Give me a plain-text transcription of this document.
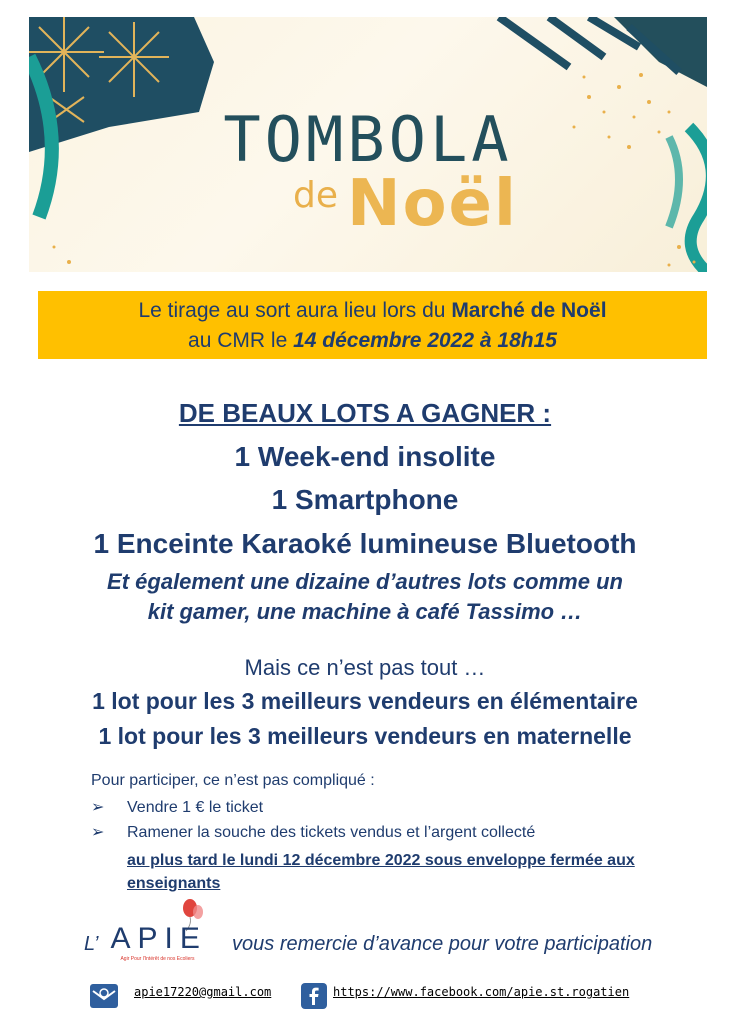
TOMBOLA
de Noël
Le tirage au sort aura lieu lors du Marché de Noël
au CMR le 14 décembre 2022 à 18h15
DE BEAUX LOTS A GAGNER :
1 Week-end insolite
1 Smartphone
1 Enceinte Karaoké lumineuse Bluetooth
Et également une dizaine d’autres lots comme un
kit gamer, une machine à café Tassimo …
Mais ce n’est pas tout …
1 lot pour les 3 meilleurs vendeurs en élémentaire
1 lot pour les 3 meilleurs vendeurs en maternelle
Pour participer, ce n’est pas compliqué :
➢ Vendre 1 € le ticket
➢ Ramener la souche des tickets vendus et l’argent collecté
au plus tard le lundi 12 décembre 2022 sous enveloppe fermée aux enseignants
L’ APIE
Agir Pour l'Intérêt de nos Ecoliers
vous remercie d’avance pour votre participation
apie17220@gmail.com	https://www.facebook.com/apie.st.rogatien
